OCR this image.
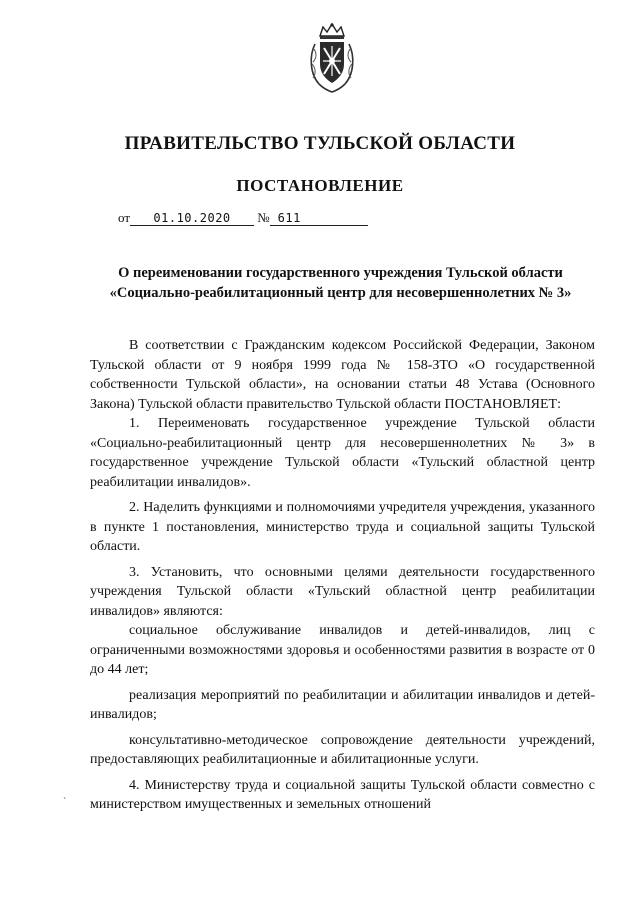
ПРАВИТЕЛЬСТВО ТУЛЬСКОЙ ОБЛАСТИ
ПОСТАНОВЛЕНИЕ
от 01.10.2020 № 611
О переименовании государственного учреждения Тульской области
«Социально-реабилитационный центр для несовершеннолетних № 3»

В соответствии с Гражданским кодексом Российской Федерации, Законом Тульской области от 9 ноября 1999 года № 158-ЗТО «О государственной собственности Тульской области», на основании статьи 48 Устава (Основного Закона) Тульской области правительство Тульской области ПОСТАНОВЛЯЕТ:

1. Переименовать государственное учреждение Тульской области «Социально-реабилитационный центр для несовершеннолетних № 3» в государственное учреждение Тульской области «Тульский областной центр реабилитации инвалидов».

2. Наделить функциями и полномочиями учредителя учреждения, указанного в пункте 1 постановления, министерство труда и социальной защиты Тульской области.

3. Установить, что основными целями деятельности государственного учреждения Тульской области «Тульский областной центр реабилитации инвалидов» являются:

социальное обслуживание инвалидов и детей-инвалидов, лиц с ограниченными возможностями здоровья и особенностями развития в возрасте от 0 до 44 лет;

реализация мероприятий по реабилитации и абилитации инвалидов и детей-инвалидов;

консультативно-методическое сопровождение деятельности учреждений, предоставляющих реабилитационные и абилитационные услуги.

4. Министерству труда и социальной защиты Тульской области совместно с министерством имущественных и земельных отношений

ˋ
